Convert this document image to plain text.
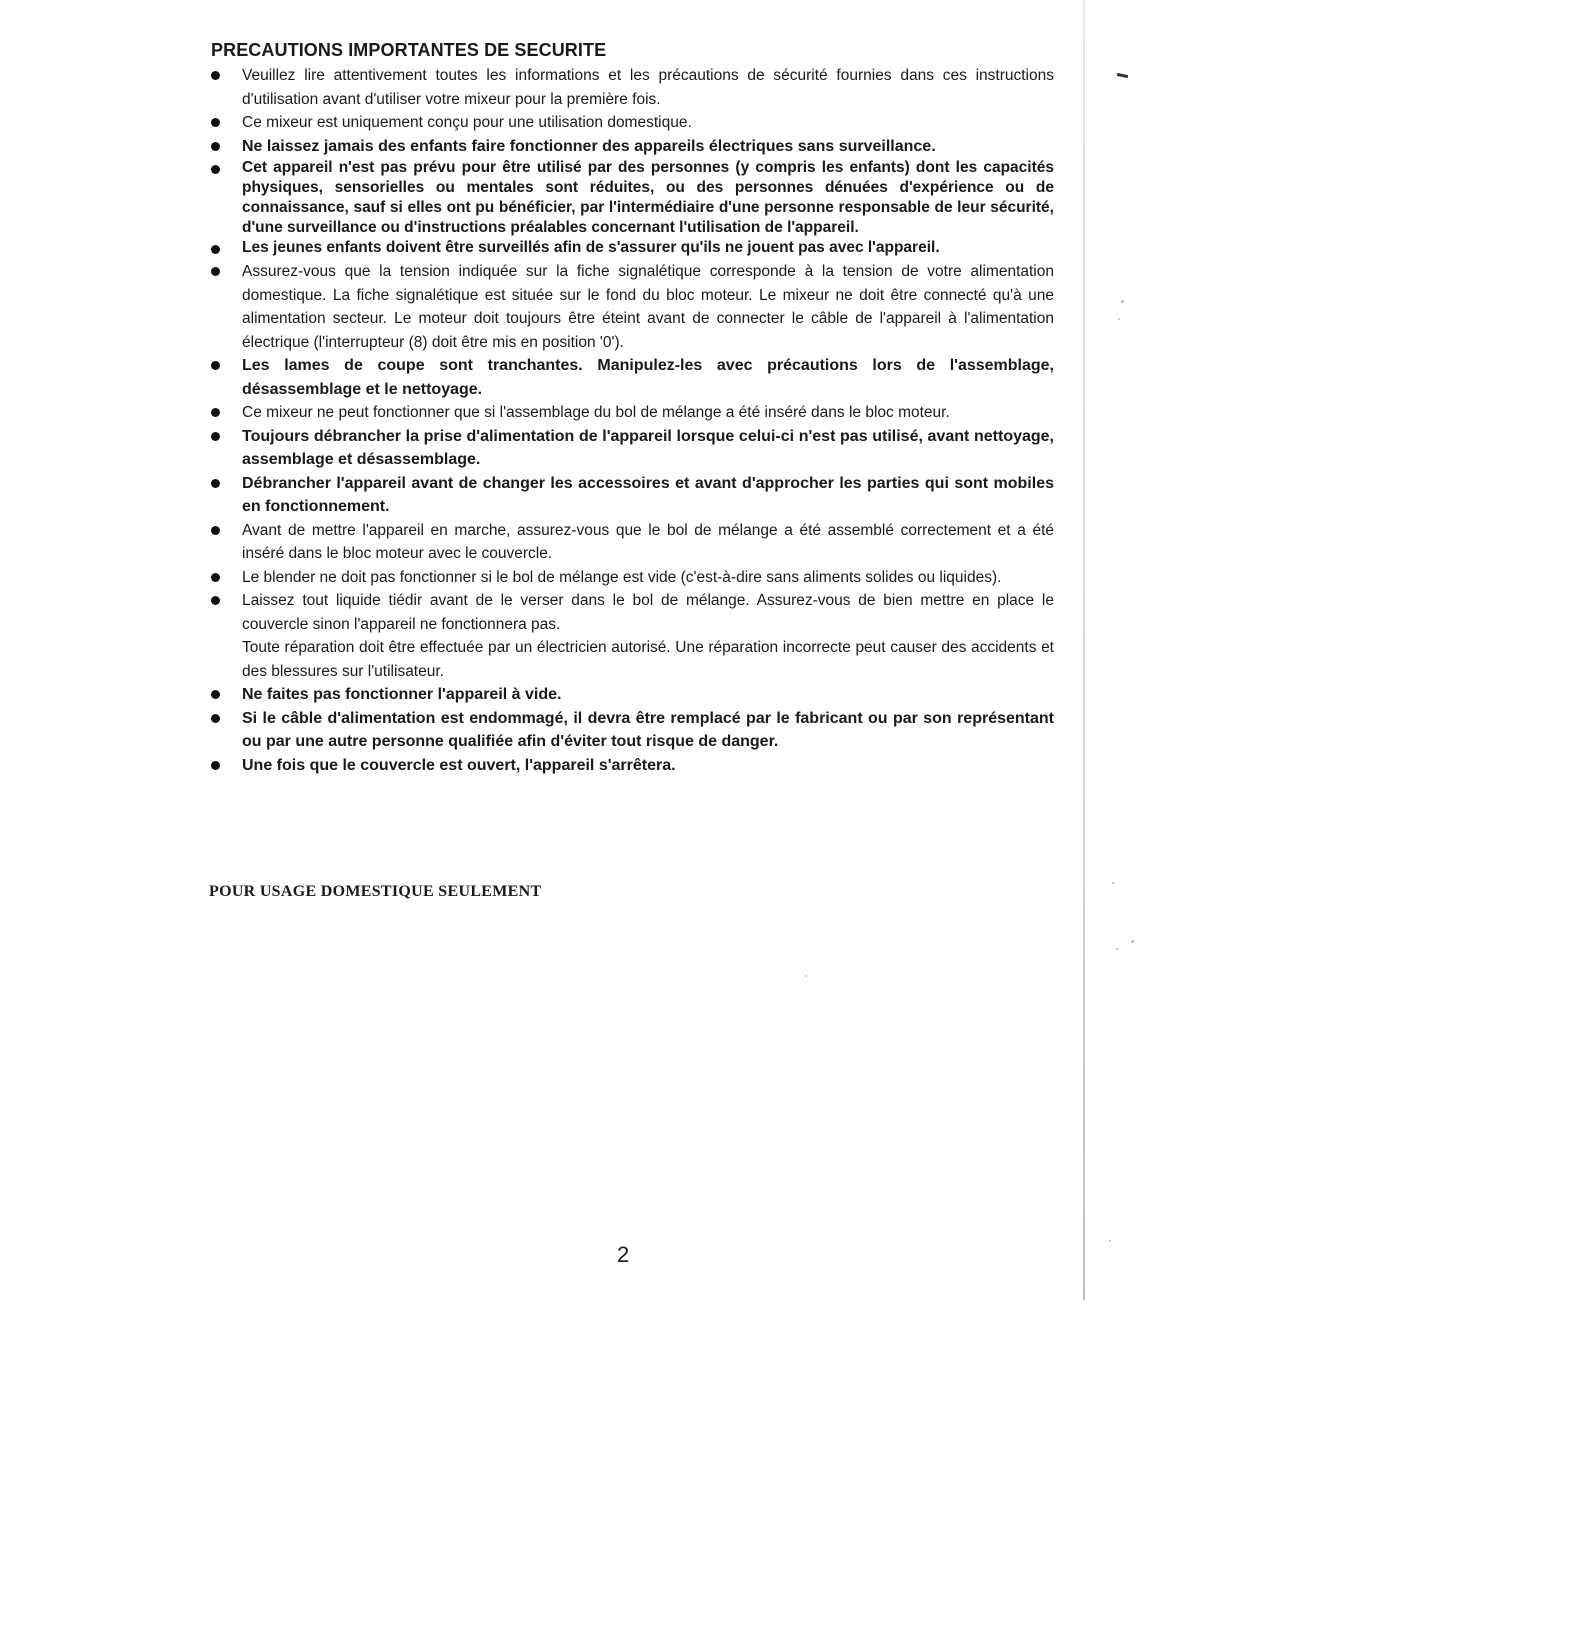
PRECAUTIONS IMPORTANTES DE SECURITE
Veuillez lire attentivement toutes les informations et les précautions de sécurité fournies dans ces instructions d'utilisation avant d'utiliser votre mixeur pour la première fois.
Ce mixeur est uniquement conçu pour une utilisation domestique.
Ne laissez jamais des enfants faire fonctionner des appareils électriques sans surveillance.
Cet appareil n'est pas prévu pour être utilisé par des personnes (y compris les enfants) dont les capacités physiques, sensorielles ou mentales sont réduites, ou des personnes dénuées d'expérience ou de connaissance, sauf si elles ont pu bénéficier, par l'intermédiaire d'une personne responsable de leur sécurité, d'une surveillance ou d'instructions préalables concernant l'utilisation de l'appareil.
Les jeunes enfants doivent être surveillés afin de s'assurer qu'ils ne jouent pas avec l'appareil.
Assurez-vous que la tension indiquée sur la fiche signalétique corresponde à la tension de votre alimentation domestique. La fiche signalétique est située sur le fond du bloc moteur. Le mixeur ne doit être connecté qu'à une alimentation secteur. Le moteur doit toujours être éteint avant de connecter le câble de l'appareil à l'alimentation électrique (l'interrupteur (8) doit être mis en position '0').
Les lames de coupe sont tranchantes. Manipulez-les avec précautions lors de l'assemblage, désassemblage et le nettoyage.
Ce mixeur ne peut fonctionner que si l'assemblage du bol de mélange a été inséré dans le bloc moteur.
Toujours débrancher la prise d'alimentation de l'appareil lorsque celui-ci n'est pas utilisé, avant nettoyage, assemblage et désassemblage.
Débrancher l'appareil avant de changer les accessoires et avant d'approcher les parties qui sont mobiles en fonctionnement.
Avant de mettre l'appareil en marche, assurez-vous que le bol de mélange a été assemblé correctement et a été inséré dans le bloc moteur avec le couvercle.
Le blender ne doit pas fonctionner si le bol de mélange est vide (c'est-à-dire sans aliments solides ou liquides).
Laissez tout liquide tiédir avant de le verser dans le bol de mélange. Assurez-vous de bien mettre en place le couvercle sinon l'appareil ne fonctionnera pas.
Toute réparation doit être effectuée par un électricien autorisé. Une réparation incorrecte peut causer des accidents et des blessures sur l'utilisateur.
Ne faites pas fonctionner l'appareil à vide.
Si le câble d'alimentation est endommagé, il devra être remplacé par le fabricant ou par son représentant ou par une autre personne qualifiée afin d'éviter tout risque de danger.
Une fois que le couvercle est ouvert, l'appareil s'arrêtera.

POUR USAGE DOMESTIQUE SEULEMENT

2
